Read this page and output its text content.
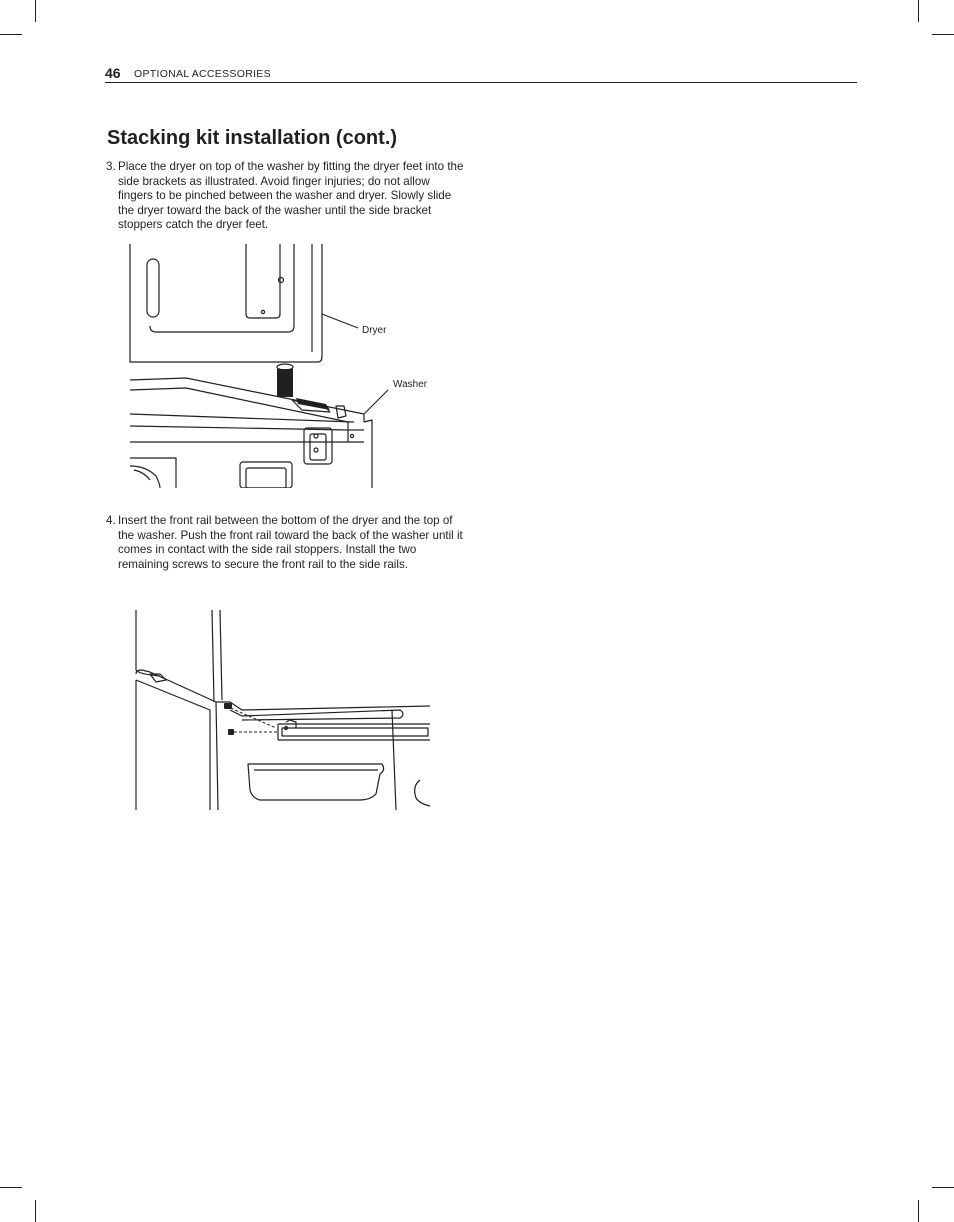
46 OPTIONAL ACCESSORIES
Stacking kit installation (cont.)
3. Place the dryer on top of the washer by fitting the dryer feet into the side brackets as illustrated. Avoid finger injuries; do not allow fingers to be pinched between the washer and dryer. Slowly slide the dryer toward the back of the washer until the side bracket stoppers catch the dryer feet.
Dryer
Washer
4. Insert the front rail between the bottom of the dryer and the top of the washer. Push the front rail toward the back of the washer until it comes in contact with the side rail stoppers. Install the two remaining screws to secure the front rail to the side rails.
